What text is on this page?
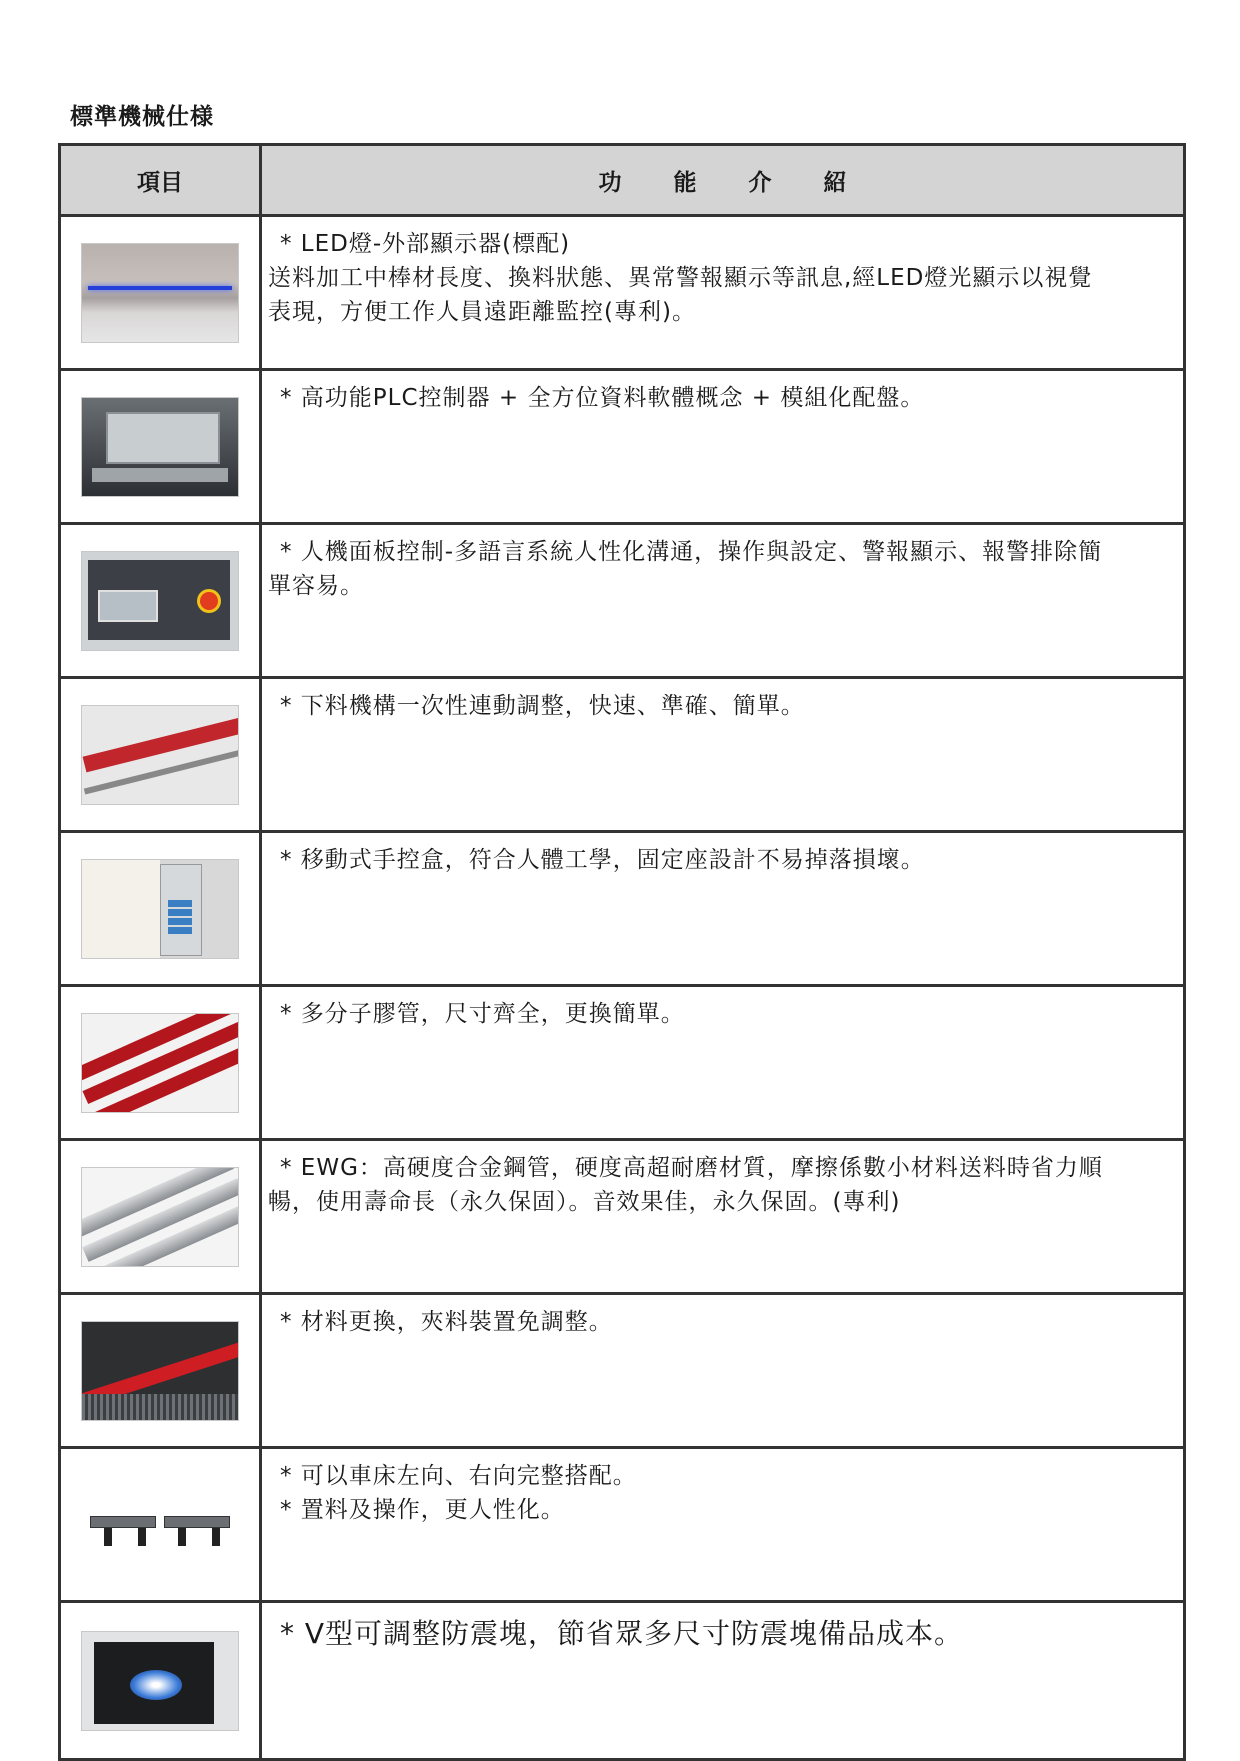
標準機械仕様
項目	功能介紹

	* LED燈-外部顯示器(標配)
送料加工中棒材長度、換料狀態、異常警報顯示等訊息,經LED燈光顯示以視覺
表現，方便工作人員遠距離監控(專利)。

	* 高功能PLC控制器 + 全方位資料軟體概念 + 模組化配盤。

	* 人機面板控制-多語言系統人性化溝通，操作與設定、警報顯示、報警排除簡
單容易。

	* 下料機構一次性連動調整，快速、準確、簡單。

	* 移動式手控盒，符合人體工學，固定座設計不易掉落損壞。

	* 多分子膠管，尺寸齊全，更換簡單。

	* EWG：高硬度合金鋼管，硬度高超耐磨材質，摩擦係數小材料送料時省力順
暢，使用壽命長（永久保固）。音效果佳，永久保固。(專利)

	* 材料更換，夾料裝置免調整。

	* 可以車床左向、右向完整搭配。
* 置料及操作，更人性化。

	* V型可調整防震塊，節省眾多尺寸防震塊備品成本。
